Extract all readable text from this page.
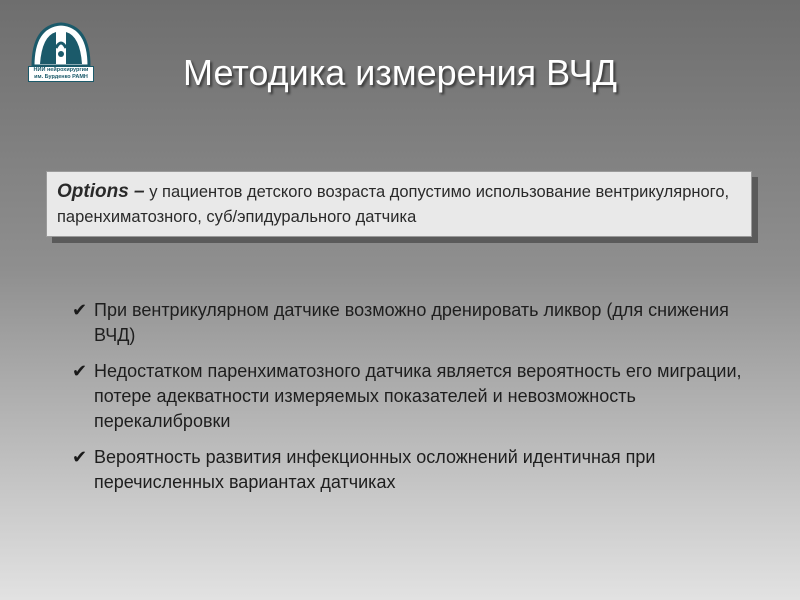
НИИ нейрохирургии
им. Бурденко РАМН	Методика измерения ВЧД
Options – у пациентов детского возраста допустимо использование вентрикулярного, паренхиматозного, суб/эпидурального датчика
✔ При вентрикулярном датчике возможно дренировать ликвор (для снижения ВЧД)
✔ Недостатком паренхиматозного датчика является вероятность его миграции, потере адекватности измеряемых показателей и невозможность перекалибровки
✔ Вероятность развития инфекционных осложнений идентичная при перечисленных вариантах датчиках
